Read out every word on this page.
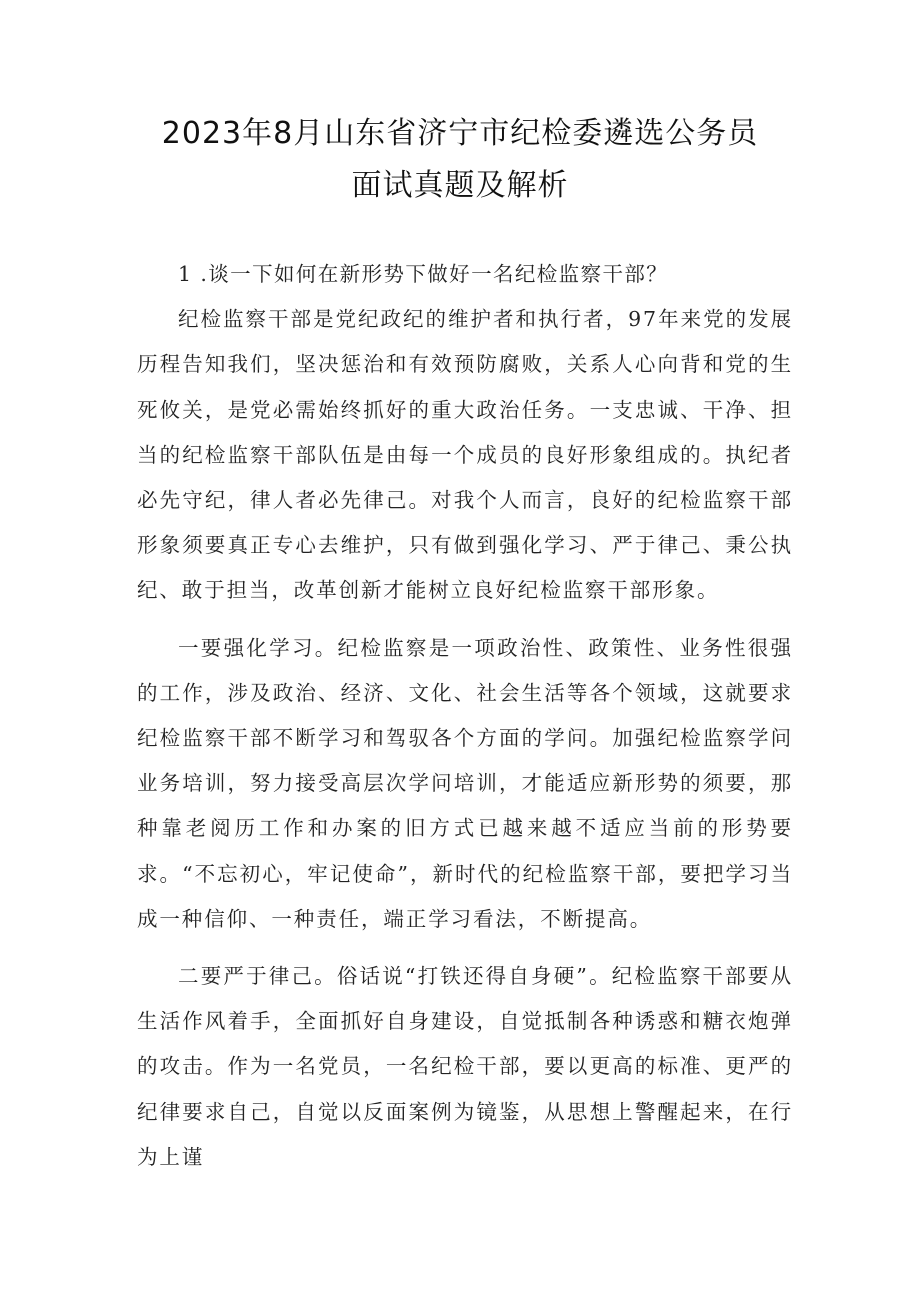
2023年8月山东省济宁市纪检委遴选公务员
面试真题及解析

1 .谈一下如何在新形势下做好一名纪检监察干部？

纪检监察干部是党纪政纪的维护者和执行者，97年来党的发展历程告知我们，坚决惩治和有效预防腐败，关系人心向背和党的生死攸关，是党必需始终抓好的重大政治任务。一支忠诚、干净、担当的纪检监察干部队伍是由每一个成员的良好形象组成的。执纪者必先守纪，律人者必先律己。对我个人而言，良好的纪检监察干部形象须要真正专心去维护，只有做到强化学习、严于律己、秉公执纪、敢于担当，改革创新才能树立良好纪检监察干部形象。

一要强化学习。纪检监察是一项政治性、政策性、业务性很强的工作，涉及政治、经济、文化、社会生活等各个领域，这就要求纪检监察干部不断学习和驾驭各个方面的学问。加强纪检监察学问业务培训，努力接受高层次学问培训，才能适应新形势的须要，那种靠老阅历工作和办案的旧方式已越来越不适应当前的形势要求。“不忘初心，牢记使命”，新时代的纪检监察干部，要把学习当成一种信仰、一种责任，端正学习看法，不断提高。

二要严于律己。俗话说“打铁还得自身硬”。纪检监察干部要从生活作风着手，全面抓好自身建设，自觉抵制各种诱惑和糖衣炮弹的攻击。作为一名党员，一名纪检干部，要以更高的标准、更严的纪律要求自己，自觉以反面案例为镜鉴，从思想上警醒起来，在行为上谨
